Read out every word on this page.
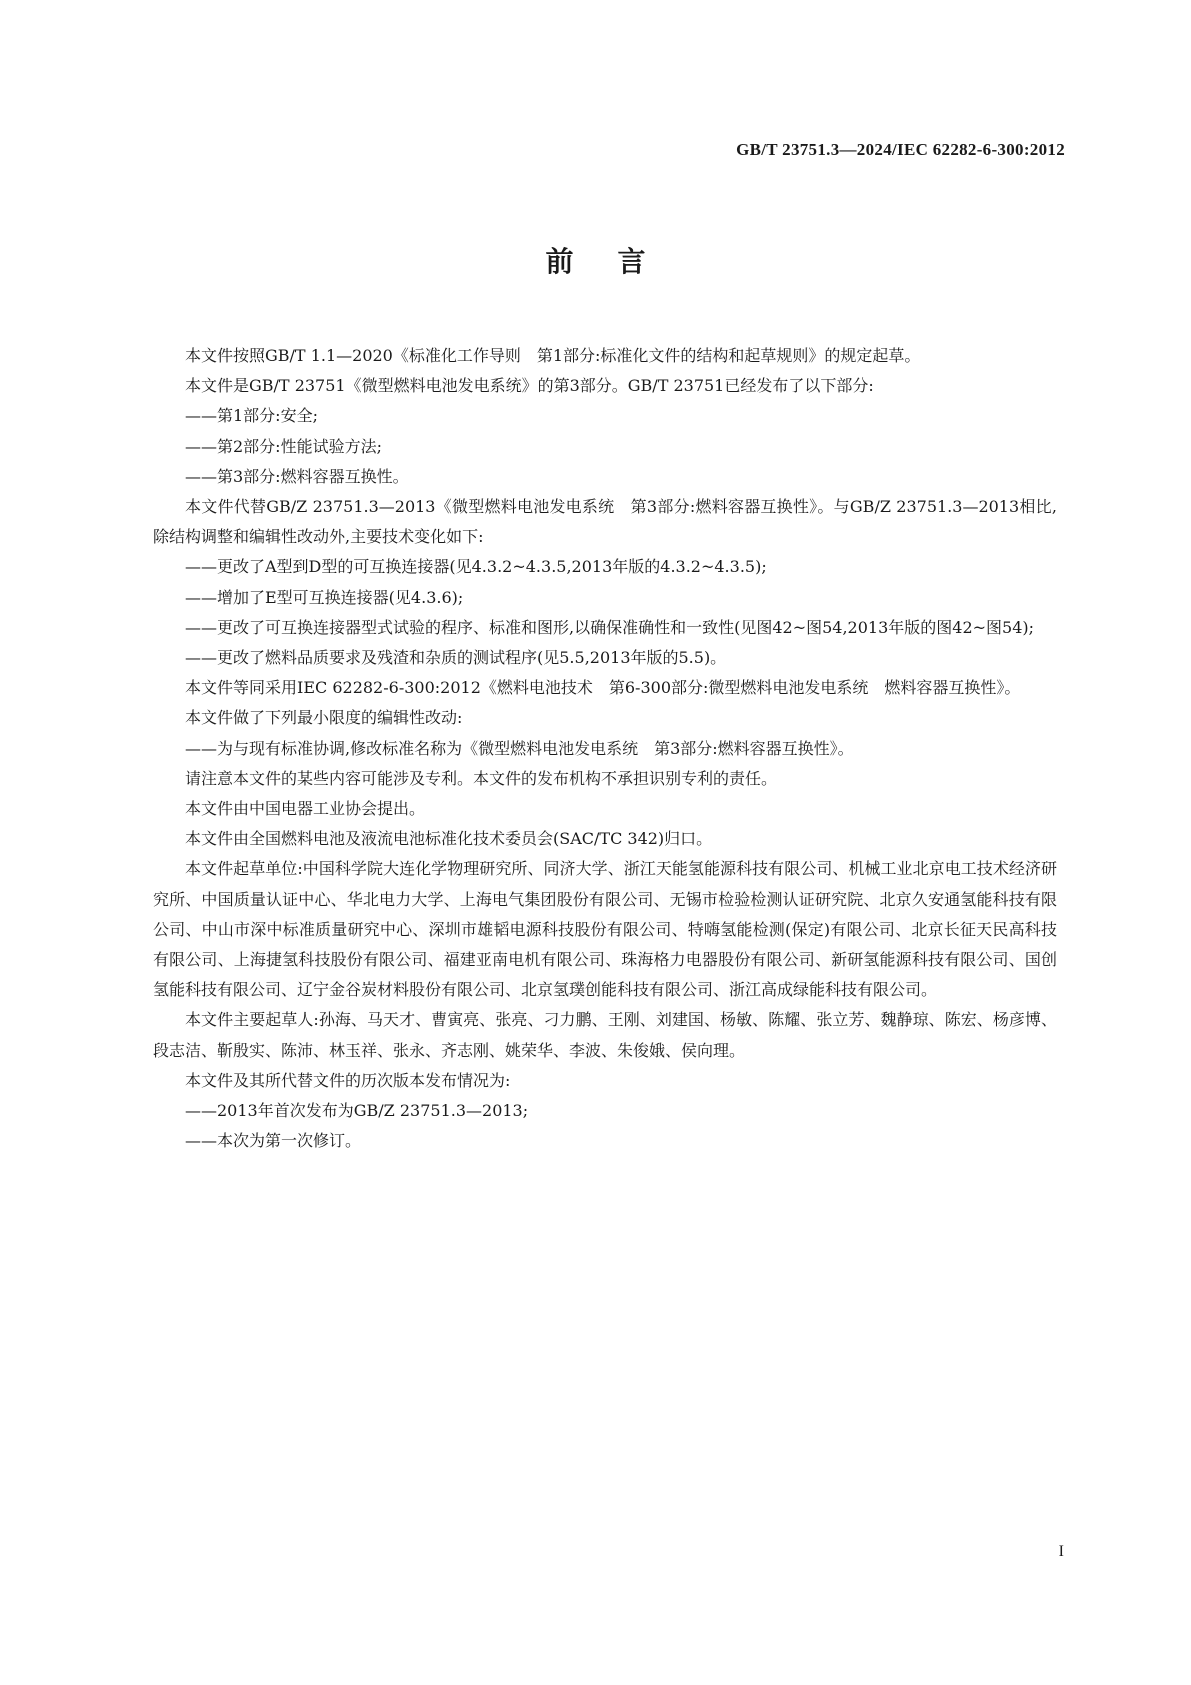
GB/T 23751.3—2024/IEC 62282-6-300:2012
前言

本文件按照GB/T 1.1—2020《标准化工作导则　第1部分:标准化文件的结构和起草规则》的规定起草。

本文件是GB/T 23751《微型燃料电池发电系统》的第3部分。GB/T 23751已经发布了以下部分:

——第1部分:安全;

——第2部分:性能试验方法;

——第3部分:燃料容器互换性。

本文件代替GB/Z 23751.3—2013《微型燃料电池发电系统　第3部分:燃料容器互换性》。与GB/Z 23751.3—2013相比,除结构调整和编辑性改动外,主要技术变化如下:

——更改了A型到D型的可互换连接器(见4.3.2~4.3.5,2013年版的4.3.2~4.3.5);

——增加了E型可互换连接器(见4.3.6);

——更改了可互换连接器型式试验的程序、标准和图形,以确保准确性和一致性(见图42~图54,2013年版的图42~图54);

——更改了燃料品质要求及残渣和杂质的测试程序(见5.5,2013年版的5.5)。

本文件等同采用IEC 62282-6-300:2012《燃料电池技术　第6-300部分:微型燃料电池发电系统　燃料容器互换性》。

本文件做了下列最小限度的编辑性改动:

——为与现有标准协调,修改标准名称为《微型燃料电池发电系统　第3部分:燃料容器互换性》。

请注意本文件的某些内容可能涉及专利。本文件的发布机构不承担识别专利的责任。

本文件由中国电器工业协会提出。

本文件由全国燃料电池及液流电池标准化技术委员会(SAC/TC 342)归口。

本文件起草单位:中国科学院大连化学物理研究所、同济大学、浙江天能氢能源科技有限公司、机械工业北京电工技术经济研究所、中国质量认证中心、华北电力大学、上海电气集团股份有限公司、无锡市检验检测认证研究院、北京久安通氢能科技有限公司、中山市深中标准质量研究中心、深圳市雄韬电源科技股份有限公司、特嗨氢能检测(保定)有限公司、北京长征天民高科技有限公司、上海捷氢科技股份有限公司、福建亚南电机有限公司、珠海格力电器股份有限公司、新研氢能源科技有限公司、国创氢能科技有限公司、辽宁金谷炭材料股份有限公司、北京氢璞创能科技有限公司、浙江高成绿能科技有限公司。

本文件主要起草人:孙海、马天才、曹寅亮、张亮、刁力鹏、王刚、刘建国、杨敏、陈耀、张立芳、魏静琼、陈宏、杨彦博、段志洁、靳殷实、陈沛、林玉祥、张永、齐志刚、姚荣华、李波、朱俊娥、侯向理。

本文件及其所代替文件的历次版本发布情况为:

——2013年首次发布为GB/Z 23751.3—2013;

——本次为第一次修订。

I
